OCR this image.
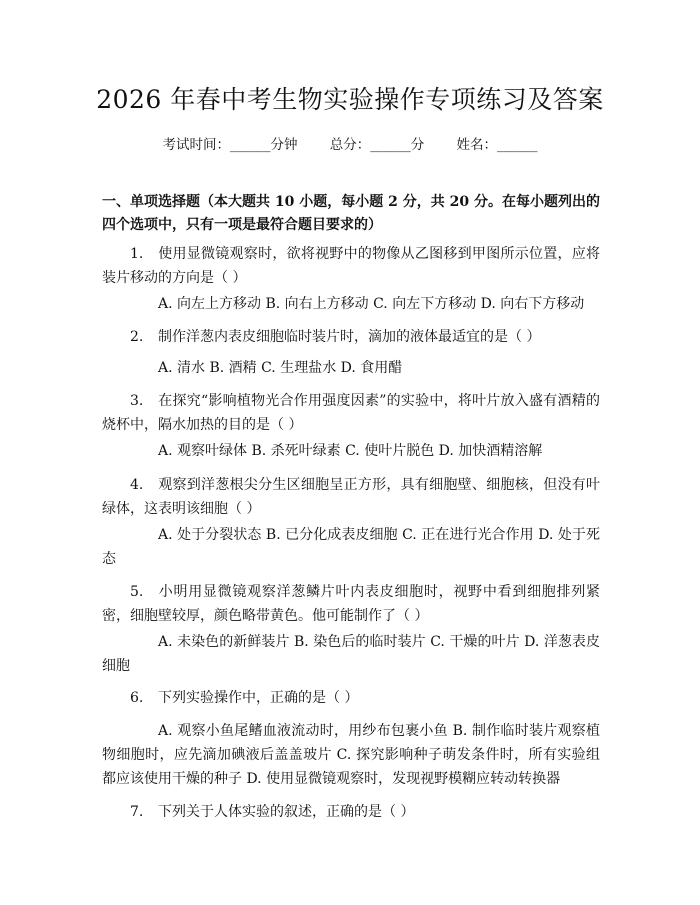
2026 年春中考生物实验操作专项练习及答案
考试时间：______分钟 总分：______分 姓名：______
一、单项选择题（本大题共 10 小题，每小题 2 分，共 20 分。在每小题列出的四个选项中，只有一项是最符合题目要求的）
1. 使用显微镜观察时，欲将视野中的物像从乙图移到甲图所示位置，应将装片移动的方向是（ ）
A. 向左上方移动 B. 向右上方移动 C. 向左下方移动 D. 向右下方移动
2. 制作洋葱内表皮细胞临时装片时，滴加的液体最适宜的是（ ）
A. 清水 B. 酒精 C. 生理盐水 D. 食用醋
3. 在探究“影响植物光合作用强度因素”的实验中，将叶片放入盛有酒精的烧杯中，隔水加热的目的是（ ）
A. 观察叶绿体 B. 杀死叶绿素 C. 使叶片脱色 D. 加快酒精溶解
4. 观察到洋葱根尖分生区细胞呈正方形，具有细胞壁、细胞核，但没有叶绿体，这表明该细胞（ ）
A. 处于分裂状态 B. 已分化成表皮细胞 C. 正在进行光合作用 D. 处于死态
5. 小明用显微镜观察洋葱鳞片叶内表皮细胞时，视野中看到细胞排列紧密，细胞壁较厚，颜色略带黄色。他可能制作了（ ）
A. 未染色的新鲜装片 B. 染色后的临时装片 C. 干燥的叶片 D. 洋葱表皮细胞
6. 下列实验操作中，正确的是（ ）
A. 观察小鱼尾鳍血液流动时，用纱布包裹小鱼 B. 制作临时装片观察植物细胞时，应先滴加碘液后盖盖玻片 C. 探究影响种子萌发条件时，所有实验组都应该使用干燥的种子 D. 使用显微镜观察时，发现视野模糊应转动转换器
7. 下列关于人体实验的叙述，正确的是（ ）
